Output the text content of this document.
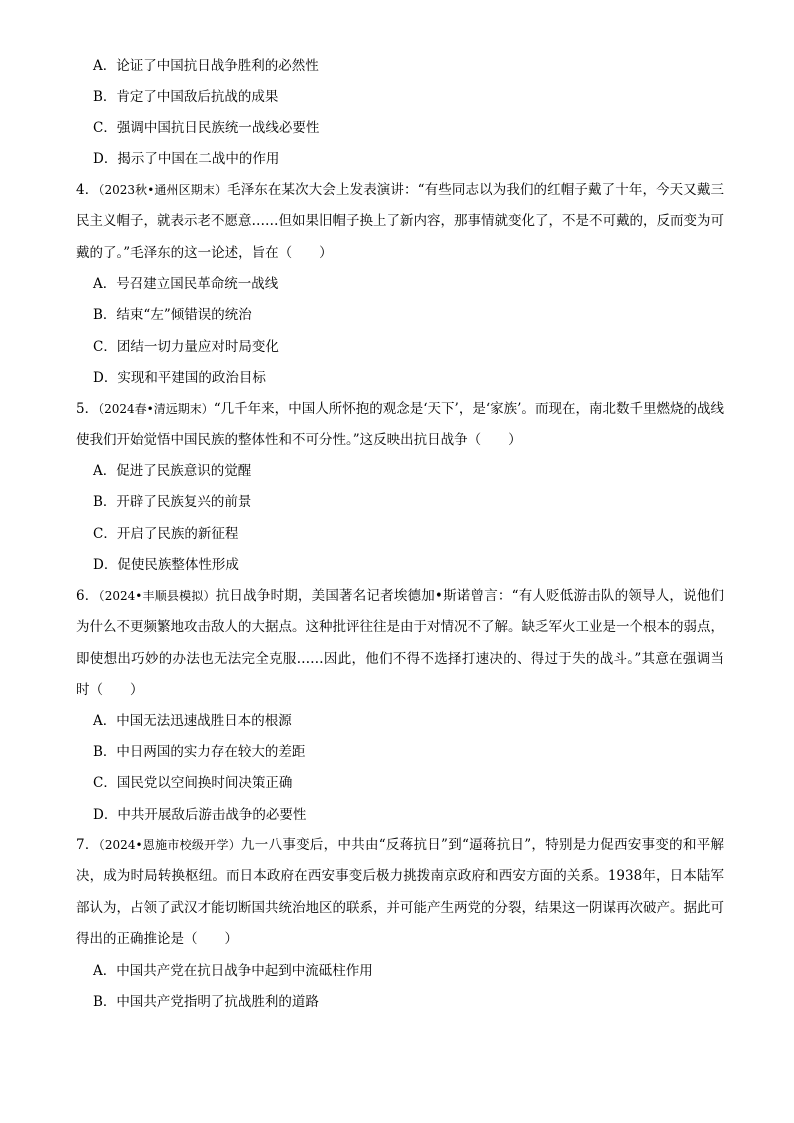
A．论证了中国抗日战争胜利的必然性
B．肯定了中国敌后抗战的成果
C．强调中国抗日民族统一战线必要性
D．揭示了中国在二战中的作用
4．（2023秋•通州区期末）毛泽东在某次大会上发表演讲：“有些同志以为我们的红帽子戴了十年，今天又戴三民主义帽子，就表示老不愿意……但如果旧帽子换上了新内容，那事情就变化了，不是不可戴的，反而变为可戴的了。”毛泽东的这一论述，旨在（　　）
A．号召建立国民革命统一战线
B．结束“左”倾错误的统治
C．团结一切力量应对时局变化
D．实现和平建国的政治目标
5．（2024春•清远期末）“几千年来，中国人所怀抱的观念是‘天下’，是‘家族’。而现在，南北数千里燃烧的战线使我们开始觉悟中国民族的整体性和不可分性。”这反映出抗日战争（　　）
A．促进了民族意识的觉醒
B．开辟了民族复兴的前景
C．开启了民族的新征程
D．促使民族整体性形成
6．（2024•丰顺县模拟）抗日战争时期，美国著名记者埃德加•斯诺曾言：“有人贬低游击队的领导人，说他们为什么不更频繁地攻击敌人的大据点。这种批评往往是由于对情况不了解。缺乏军火工业是一个根本的弱点，即使想出巧妙的办法也无法完全克服……因此，他们不得不选择打速决的、得过于失的战斗。”其意在强调当时（　　）
A．中国无法迅速战胜日本的根源
B．中日两国的实力存在较大的差距
C．国民党以空间换时间决策正确
D．中共开展敌后游击战争的必要性
7．（2024•恩施市校级开学）九一八事变后，中共由“反蒋抗日”到“逼蒋抗日”，特别是力促西安事变的和平解决，成为时局转换枢纽。而日本政府在西安事变后极力挑拨南京政府和西安方面的关系。1938年，日本陆军部认为，占领了武汉才能切断国共统治地区的联系，并可能产生两党的分裂，结果这一阴谋再次破产。据此可得出的正确推论是（　　）
A．中国共产党在抗日战争中起到中流砥柱作用
B．中国共产党指明了抗战胜利的道路
